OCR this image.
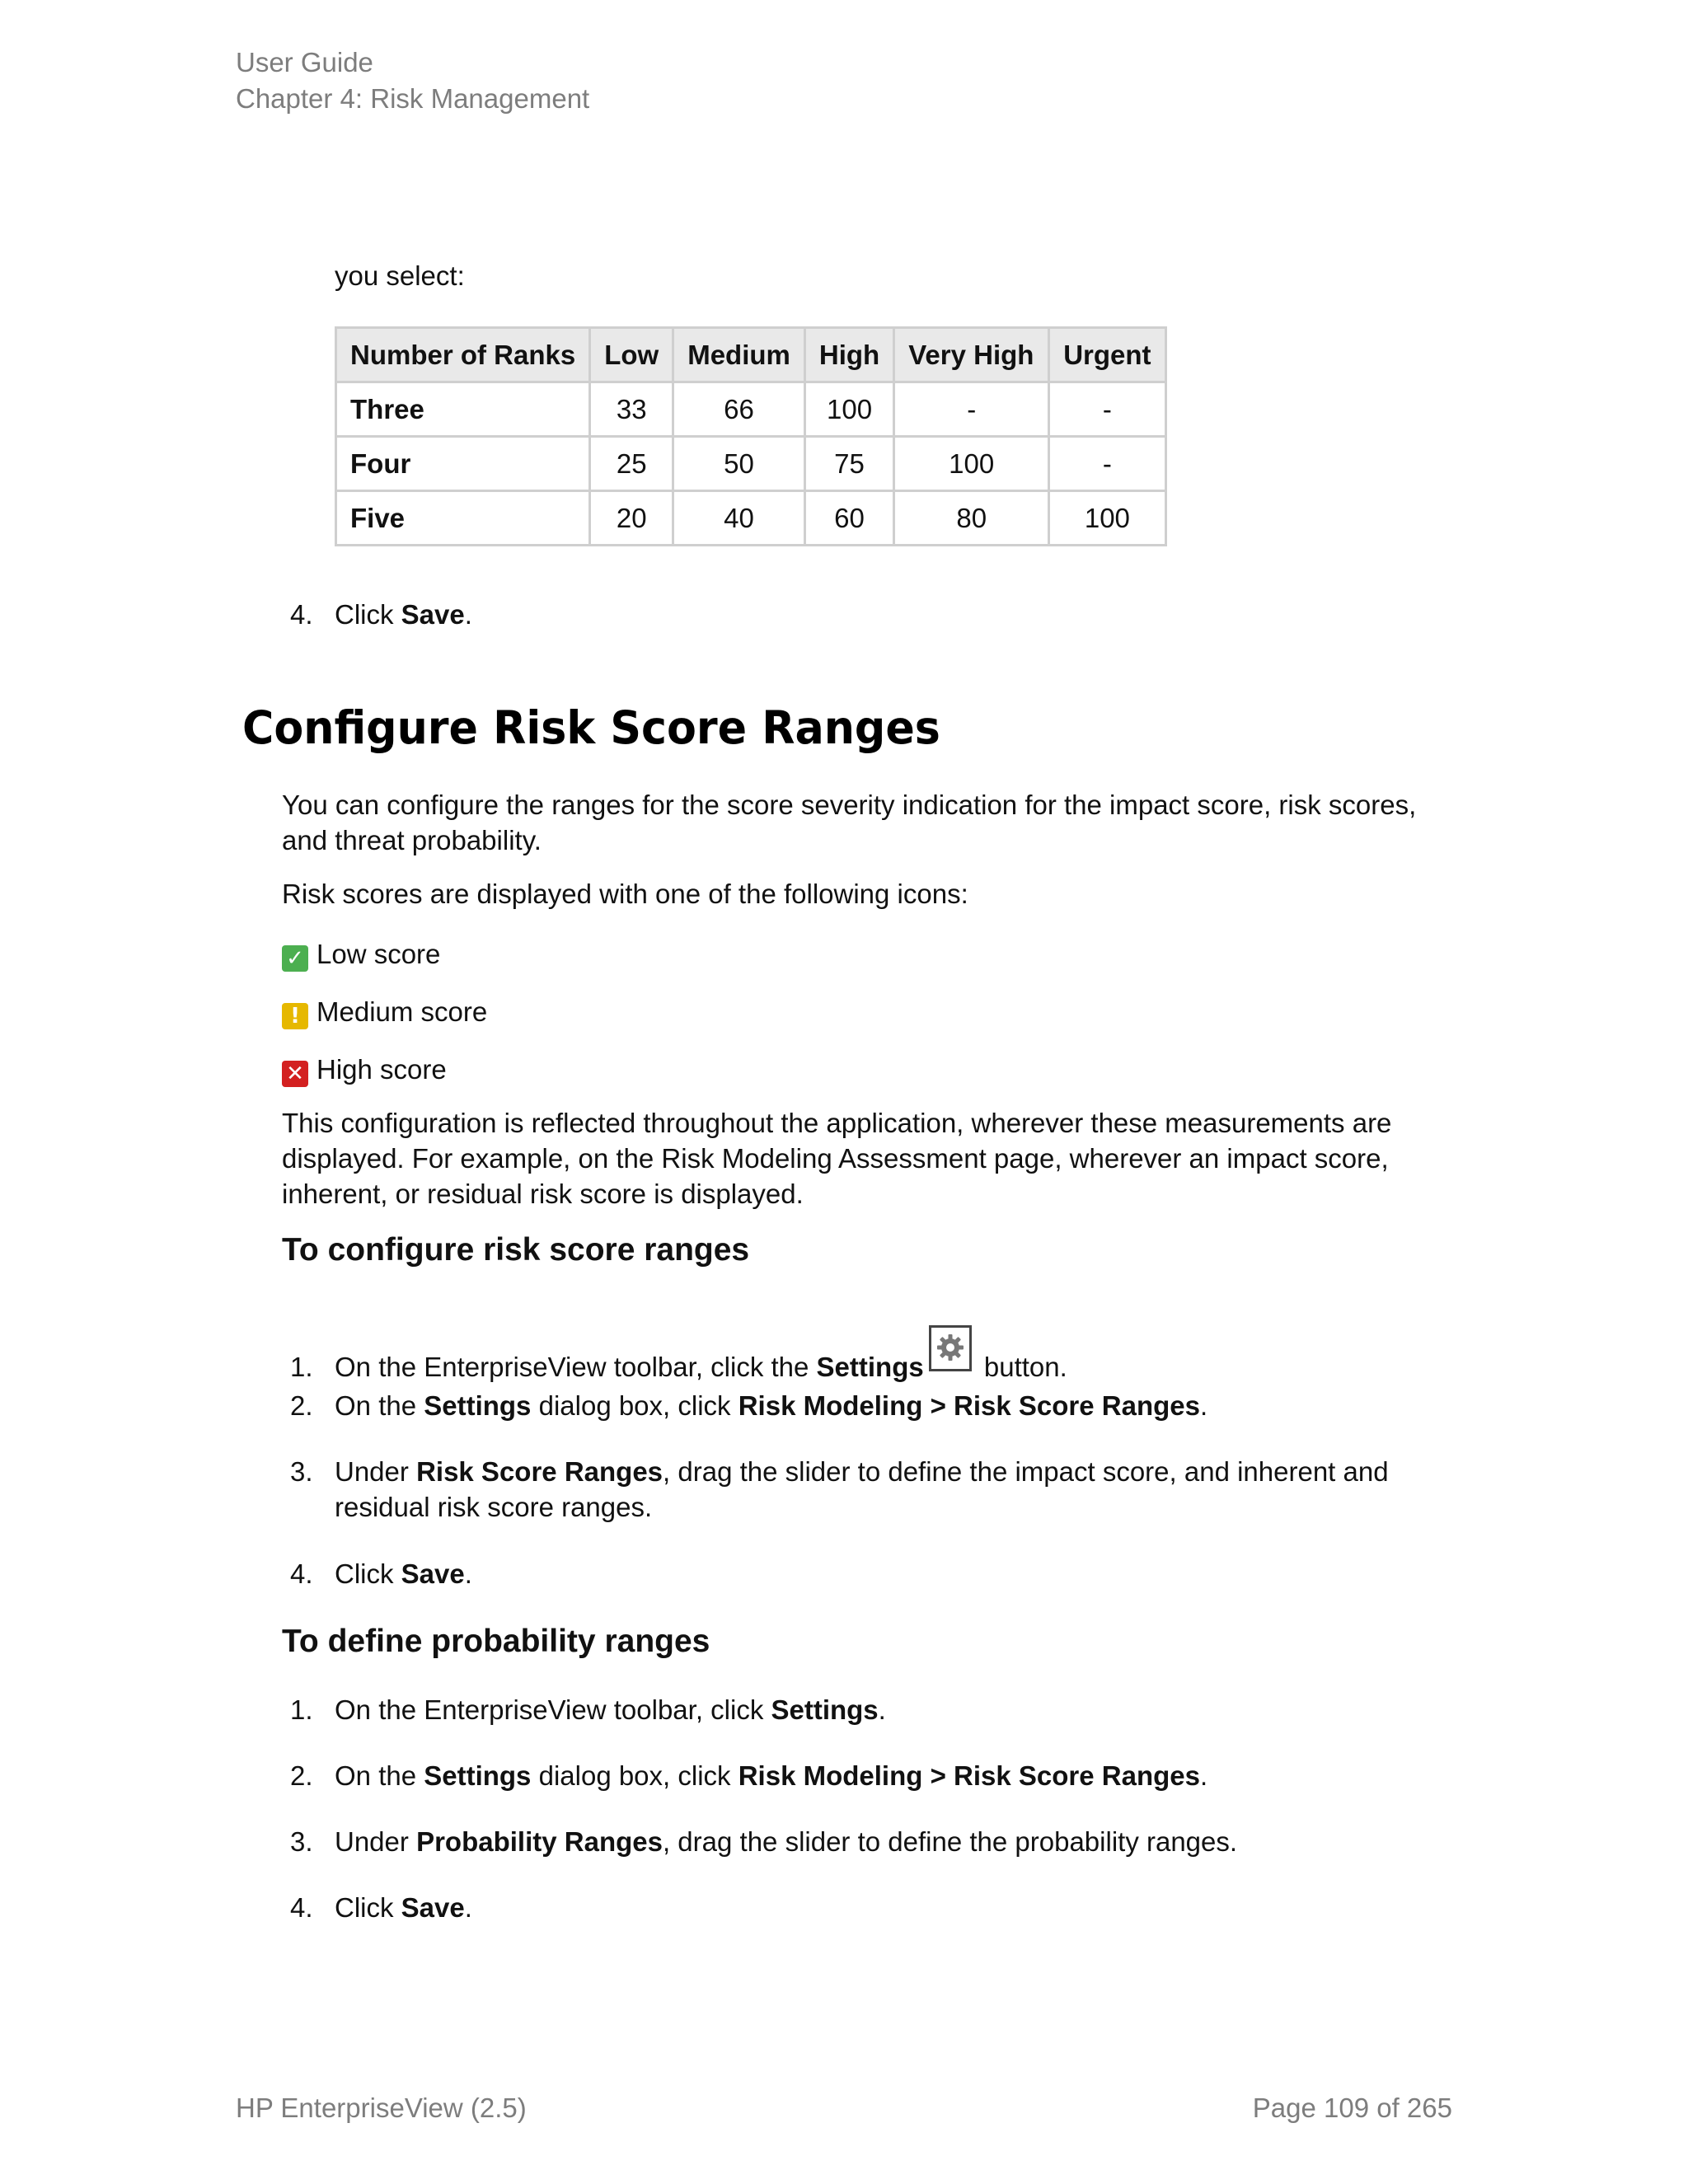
User Guide
Chapter 4: Risk Management
you select:
Number of Ranks	Low	Medium	High	Very High	Urgent
Three	33	66	100	-	-
Four	25	50	75	100	-
Five	20	40	60	80	100
4. Click Save.
Configure Risk Score Ranges
You can configure the ranges for the score severity indication for the impact score, risk scores, and threat probability.
Risk scores are displayed with one of the following icons:
✓ Low score
! Medium score
✕ High score
This configuration is reflected throughout the application, wherever these measurements are displayed. For example, on the Risk Modeling Assessment page, wherever an impact score, inherent, or residual risk score is displayed.
To configure risk score ranges
1. On the EnterpriseView toolbar, click the Settings
button.
2. On the Settings dialog box, click Risk Modeling > Risk Score Ranges.
3. Under Risk Score Ranges, drag the slider to define the impact score, and inherent and residual risk score ranges.
4. Click Save.
To define probability ranges
1. On the EnterpriseView toolbar, click Settings.
2. On the Settings dialog box, click Risk Modeling > Risk Score Ranges.
3. Under Probability Ranges, drag the slider to define the probability ranges.
4. Click Save.
HP EnterpriseView (2.5)	Page 109 of 265
